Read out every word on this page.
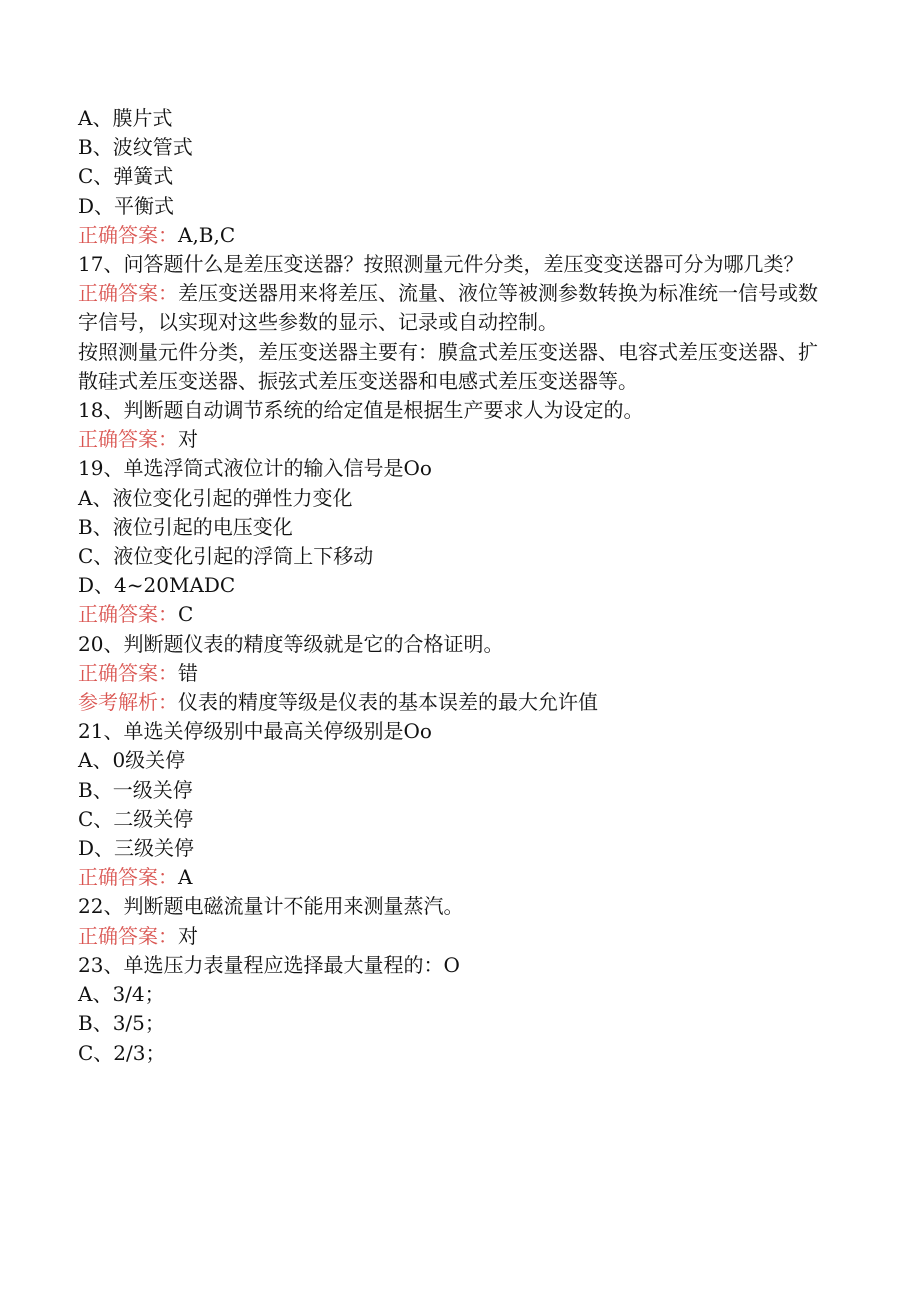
A、膜片式

B、波纹管式

C、弹簧式

D、平衡式

正确答案：A,B,C

17、问答题什么是差压变送器？按照测量元件分类，差压变变送器可分为哪几类？

正确答案：差压变送器用来将差压、流量、液位等被测参数转换为标准统一信号或数字信号，以实现对这些参数的显示、记录或自动控制。

按照测量元件分类，差压变送器主要有：膜盒式差压变送器、电容式差压变送器、扩散硅式差压变送器、振弦式差压变送器和电感式差压变送器等。

18、判断题自动调节系统的给定值是根据生产要求人为设定的。

正确答案：对

19、单选浮筒式液位计的输入信号是Oo

A、液位变化引起的弹性力变化

B、液位引起的电压变化

C、液位变化引起的浮筒上下移动

D、4~20MADC

正确答案：C

20、判断题仪表的精度等级就是它的合格证明。

正确答案：错

参考解析：仪表的精度等级是仪表的基本误差的最大允许值

21、单选关停级别中最高关停级别是Oo

A、0级关停

B、一级关停

C、二级关停

D、三级关停

正确答案：A

22、判断题电磁流量计不能用来测量蒸汽。

正确答案：对

23、单选压力表量程应选择最大量程的：O

A、3/4；

B、3/5；

C、2/3；
